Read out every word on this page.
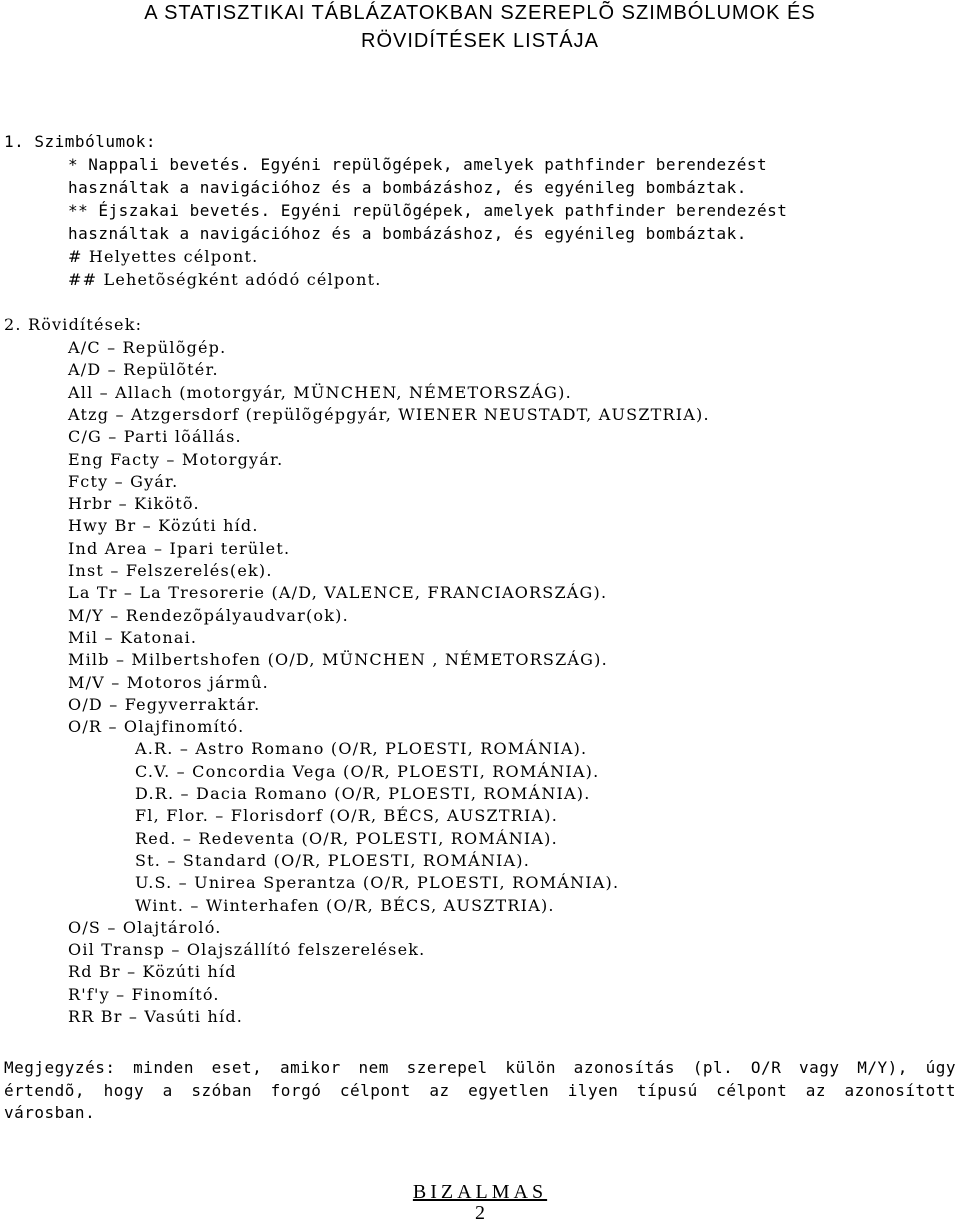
A STATISZTIKAI TÁBLÁZATOKBAN SZEREPLÕ SZIMBÓLUMOK ÉS
RÖVIDÍTÉSEK LISTÁJA
1. Szimbólumok:
* Nappali bevetés. Egyéni repülõgépek, amelyek pathfinder berendezést
használtak a navigációhoz és a bombázáshoz, és egyénileg bombáztak.
** Éjszakai bevetés. Egyéni repülõgépek, amelyek pathfinder berendezést
használtak a navigációhoz és a bombázáshoz, és egyénileg bombáztak.
# Helyettes célpont.
## Lehetõségként adódó célpont.
2. Rövidítések:
A/C – Repülõgép.
A/D – Repülõtér.
All – Allach (motorgyár, MÜNCHEN, NÉMETORSZÁG).
Atzg – Atzgersdorf (repülõgépgyár, WIENER NEUSTADT, AUSZTRIA).
C/G – Parti lõállás.
Eng Facty – Motorgyár.
Fcty – Gyár.
Hrbr – Kikötõ.
Hwy Br – Közúti híd.
Ind Area – Ipari terület.
Inst – Felszerelés(ek).
La Tr – La Tresorerie (A/D, VALENCE, FRANCIAORSZÁG).
M/Y – Rendezõpályaudvar(ok).
Mil – Katonai.
Milb – Milbertshofen (O/D, MÜNCHEN , NÉMETORSZÁG).
M/V – Motoros jármû.
O/D – Fegyverraktár.
O/R – Olajfinomító.
A.R. – Astro Romano (O/R, PLOESTI, ROMÁNIA).
C.V. – Concordia Vega (O/R, PLOESTI, ROMÁNIA).
D.R. – Dacia Romano (O/R, PLOESTI, ROMÁNIA).
Fl, Flor. – Florisdorf (O/R, BÉCS, AUSZTRIA).
Red. – Redeventa (O/R, POLESTI, ROMÁNIA).
St. – Standard (O/R, PLOESTI, ROMÁNIA).
U.S. – Unirea Sperantza (O/R, PLOESTI, ROMÁNIA).
Wint. – Winterhafen (O/R, BÉCS, AUSZTRIA).
O/S – Olajtároló.
Oil Transp – Olajszállító felszerelések.
Rd Br – Közúti híd
R'f'y – Finomító.
RR Br – Vasúti híd.
Megjegyzés: minden eset, amikor nem szerepel külön azonosítás (pl. O/R vagy M/Y), úgy értendõ, hogy a szóban forgó célpont az egyetlen ilyen típusú célpont az azonosított városban.
BIZALMAS
2
